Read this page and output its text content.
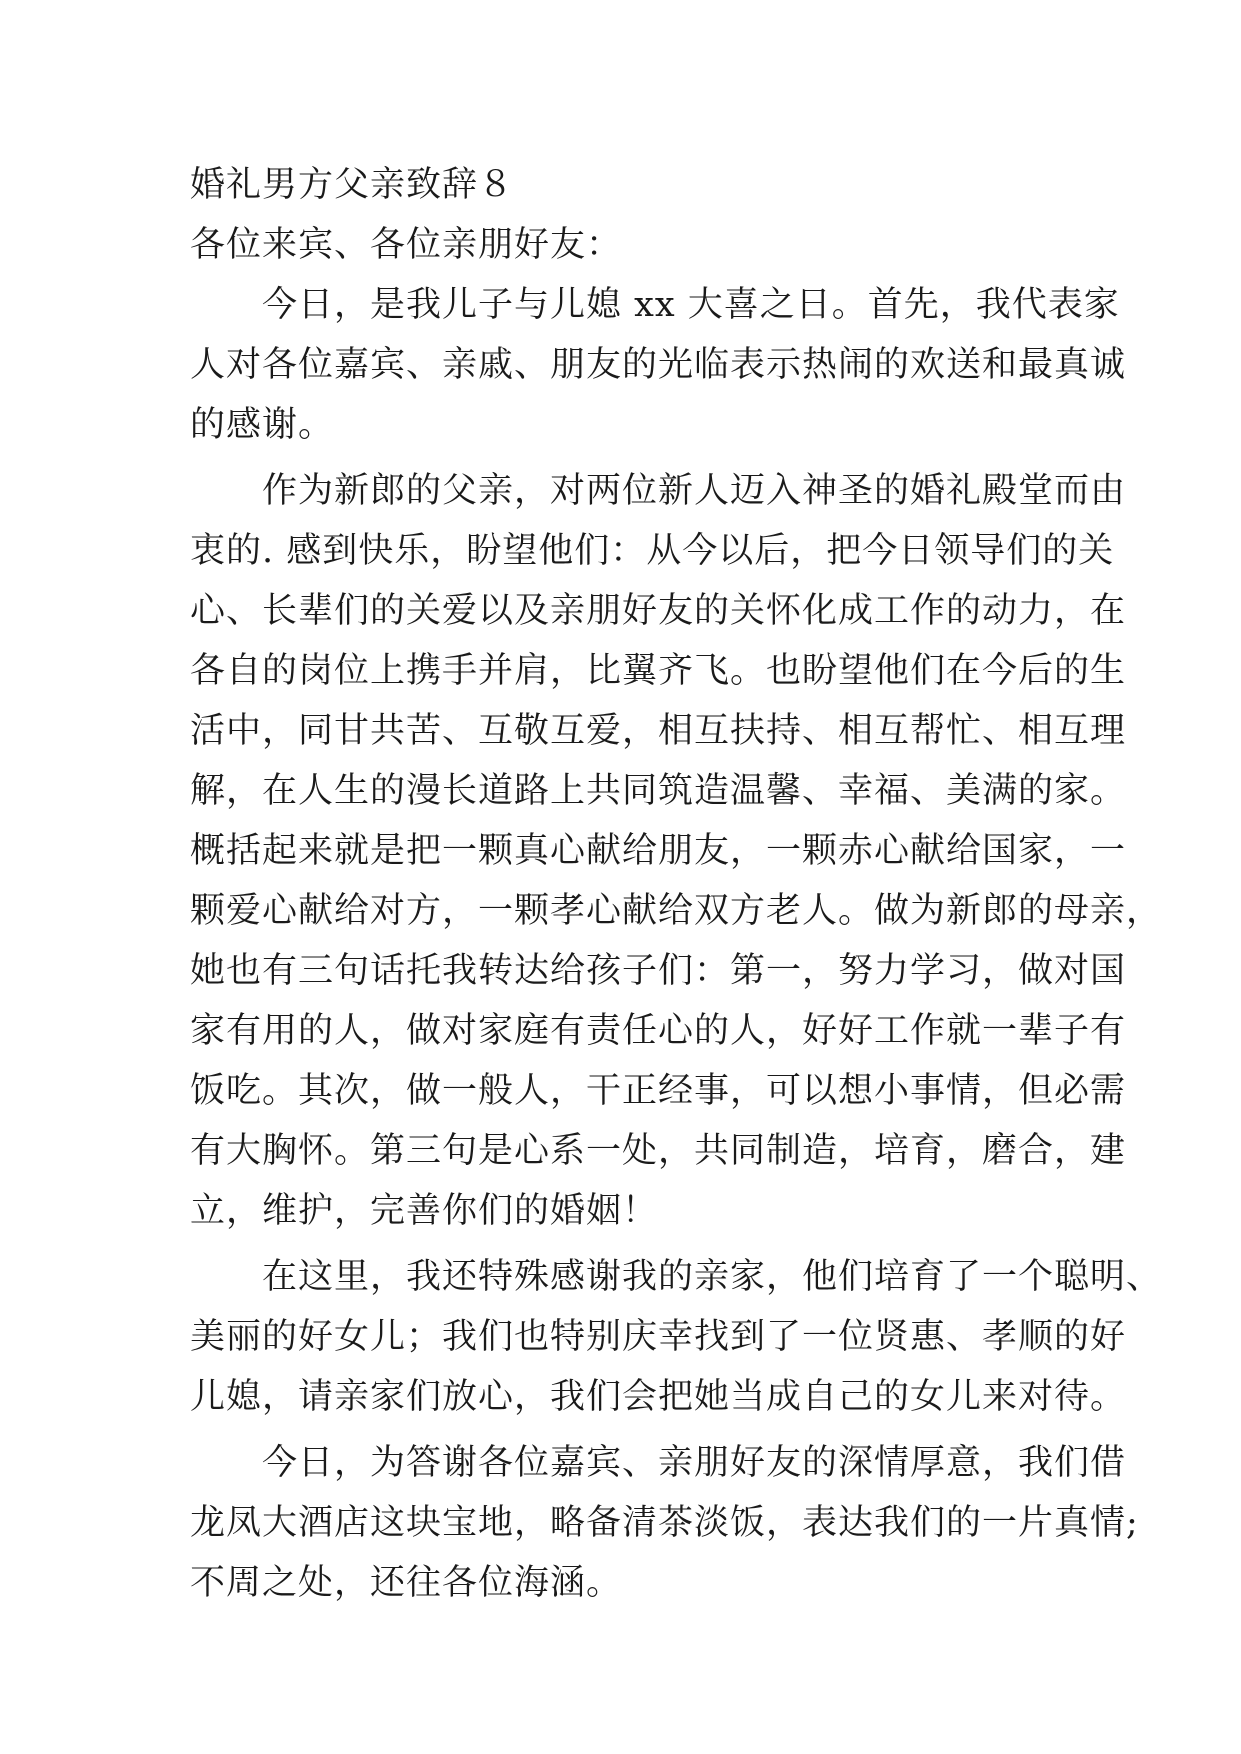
婚礼男方父亲致辞８
各位来宾、各位亲朋好友：
　　今日，是我儿子与儿媳 xx 大喜之日。首先，我代表家
人对各位嘉宾、亲戚、朋友的光临表示热闹的欢送和最真诚
的感谢。
　　作为新郎的父亲，对两位新人迈入神圣的婚礼殿堂而由
衷的. 感到快乐，盼望他们：从今以后，把今日领导们的关
心、长辈们的关爱以及亲朋好友的关怀化成工作的动力，在
各自的岗位上携手并肩，比翼齐飞。也盼望他们在今后的生
活中，同甘共苦、互敬互爱，相互扶持、相互帮忙、相互理
解，在人生的漫长道路上共同筑造温馨、幸福、美满的家。
概括起来就是把一颗真心献给朋友，一颗赤心献给国家，一
颗爱心献给对方，一颗孝心献给双方老人。做为新郎的母亲，
她也有三句话托我转达给孩子们：第一，努力学习，做对国
家有用的人，做对家庭有责任心的人，好好工作就一辈子有
饭吃。其次，做一般人，干正经事，可以想小事情，但必需
有大胸怀。第三句是心系一处，共同制造，培育，磨合，建
立，维护，完善你们的婚姻！
　　在这里，我还特殊感谢我的亲家，他们培育了一个聪明、
美丽的好女儿；我们也特别庆幸找到了一位贤惠、孝顺的好
儿媳，请亲家们放心，我们会把她当成自己的女儿来对待。
　　今日，为答谢各位嘉宾、亲朋好友的深情厚意，我们借
龙凤大酒店这块宝地，略备清茶淡饭，表达我们的一片真情;
不周之处，还往各位海涵。
